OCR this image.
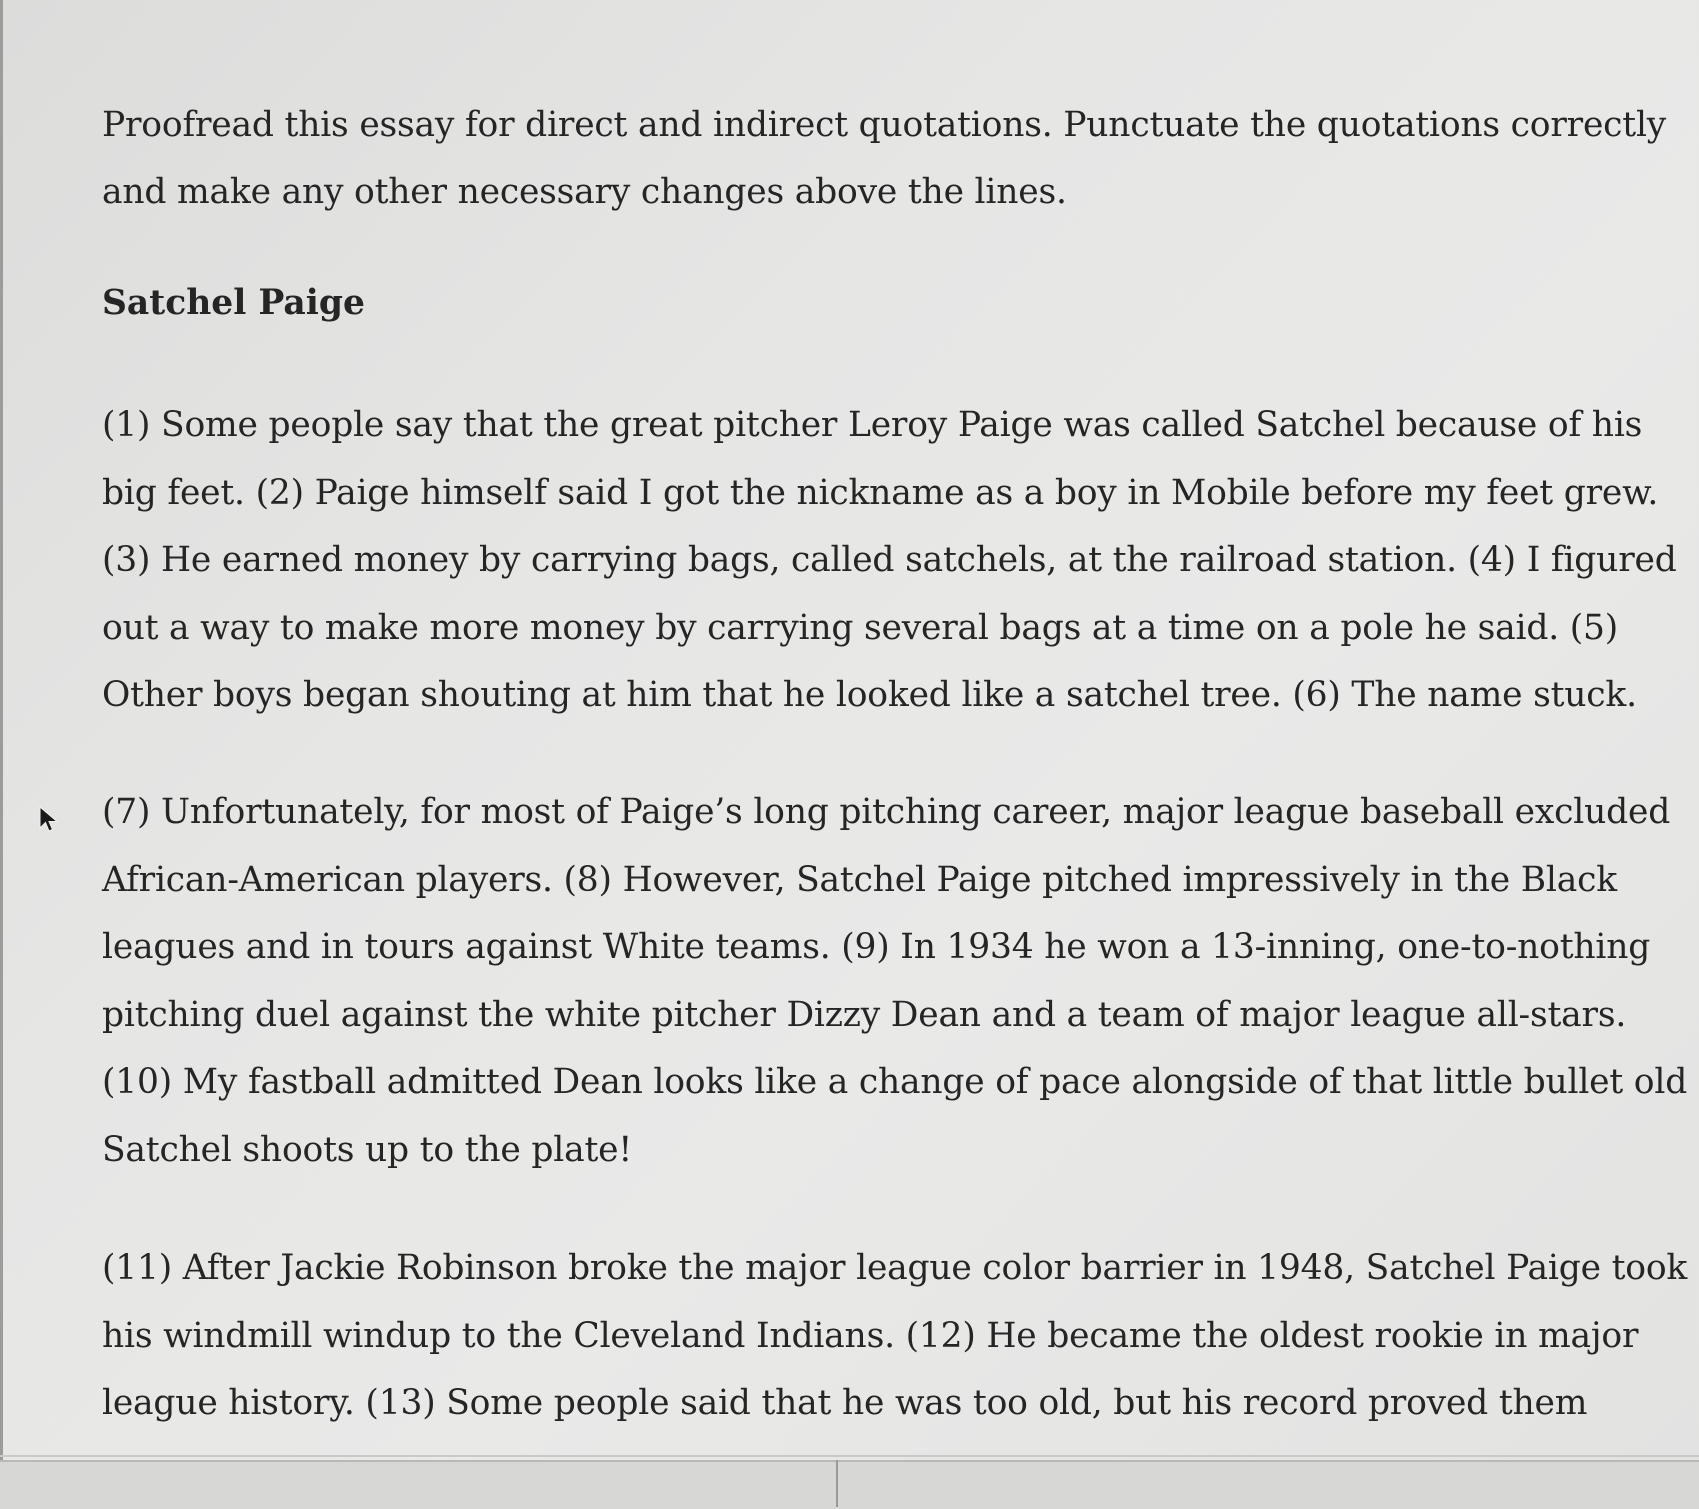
Proofread this essay for direct and indirect quotations. Punctuate the quotations correctly
and make any other necessary changes above the lines.
Satchel Paige
(1) Some people say that the great pitcher Leroy Paige was called Satchel because of his
big feet. (2) Paige himself said I got the nickname as a boy in Mobile before my feet grew.
(3) He earned money by carrying bags, called satchels, at the railroad station. (4) I figured
out a way to make more money by carrying several bags at a time on a pole he said. (5)
Other boys began shouting at him that he looked like a satchel tree. (6) The name stuck.
(7) Unfortunately, for most of Paige’s long pitching career, major league baseball excluded
African-American players. (8) However, Satchel Paige pitched impressively in the Black
leagues and in tours against White teams. (9) In 1934 he won a 13-inning, one-to-nothing
pitching duel against the white pitcher Dizzy Dean and a team of major league all-stars.
(10) My fastball admitted Dean looks like a change of pace alongside of that little bullet old
Satchel shoots up to the plate!
(11) After Jackie Robinson broke the major league color barrier in 1948, Satchel Paige took
his windmill windup to the Cleveland Indians. (12) He became the oldest rookie in major
league history. (13) Some people said that he was too old, but his record proved them
